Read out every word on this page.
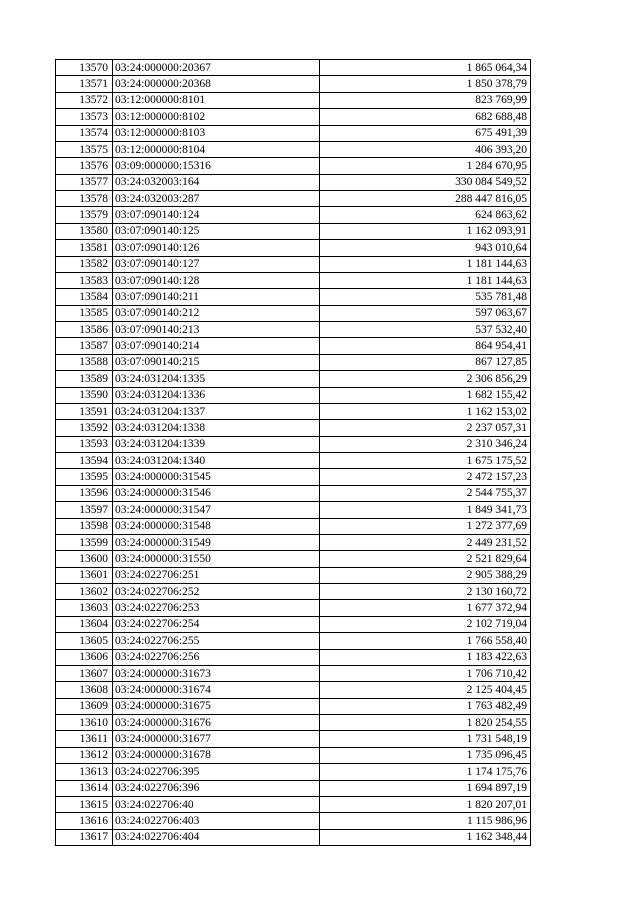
13570	03:24:000000:20367	1 865 064,34
13571	03:24:000000:20368	1 850 378,79
13572	03:12:000000:8101	823 769,99
13573	03:12:000000:8102	682 688,48
13574	03:12:000000:8103	675 491,39
13575	03:12:000000:8104	406 393,20
13576	03:09:000000:15316	1 284 670,95
13577	03:24:032003:164	330 084 549,52
13578	03:24:032003:287	288 447 816,05
13579	03:07:090140:124	624 863,62
13580	03:07:090140:125	1 162 093,91
13581	03:07:090140:126	943 010,64
13582	03:07:090140:127	1 181 144,63
13583	03:07:090140:128	1 181 144,63
13584	03:07:090140:211	535 781,48
13585	03:07:090140:212	597 063,67
13586	03:07:090140:213	537 532,40
13587	03:07:090140:214	864 954,41
13588	03:07:090140:215	867 127,85
13589	03:24:031204:1335	2 306 856,29
13590	03:24:031204:1336	1 682 155,42
13591	03:24:031204:1337	1 162 153,02
13592	03:24:031204:1338	2 237 057,31
13593	03:24:031204:1339	2 310 346,24
13594	03:24:031204:1340	1 675 175,52
13595	03:24:000000:31545	2 472 157,23
13596	03:24:000000:31546	2 544 755,37
13597	03:24:000000:31547	1 849 341,73
13598	03:24:000000:31548	1 272 377,69
13599	03:24:000000:31549	2 449 231,52
13600	03:24:000000:31550	2 521 829,64
13601	03:24:022706:251	2 905 388,29
13602	03:24:022706:252	2 130 160,72
13603	03:24:022706:253	1 677 372,94
13604	03:24:022706:254	2 102 719,04
13605	03:24:022706:255	1 766 558,40
13606	03:24:022706:256	1 183 422,63
13607	03:24:000000:31673	1 706 710,42
13608	03:24:000000:31674	2 125 404,45
13609	03:24:000000:31675	1 763 482,49
13610	03:24:000000:31676	1 820 254,55
13611	03:24:000000:31677	1 731 548,19
13612	03:24:000000:31678	1 735 096,45
13613	03:24:022706:395	1 174 175,76
13614	03:24:022706:396	1 694 897,19
13615	03:24:022706:40	1 820 207,01
13616	03:24:022706:403	1 115 986,96
13617	03:24:022706:404	1 162 348,44
